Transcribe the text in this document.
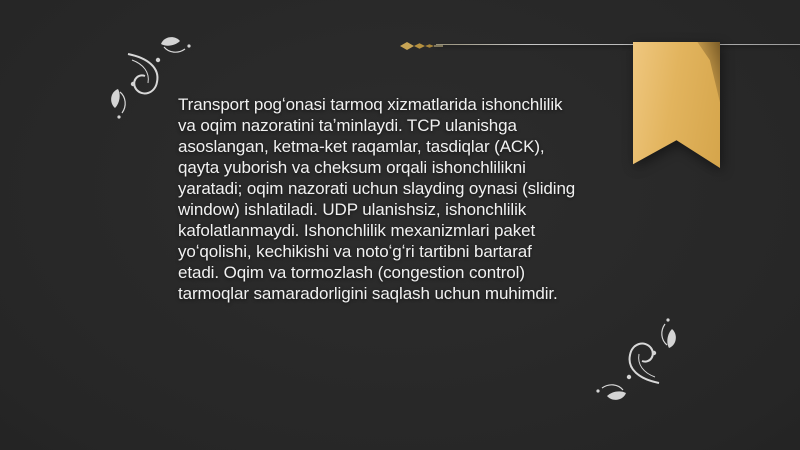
Transport pogʻonasi tarmoq xizmatlarida ishonchlilik
va oqim nazoratini taʼminlaydi. TCP ulanishga
asoslangan, ketma-ket raqamlar, tasdiqlar (ACK),
qayta yuborish va cheksum orqali ishonchlilikni
yaratadi; oqim nazorati uchun slayding oynasi (sliding
window) ishlatiladi. UDP ulanishsiz, ishonchlilik
kafolatlanmaydi. Ishonchlilik mexanizmlari paket
yoʻqolishi, kechikishi va notoʻgʻri tartibni bartaraf
etadi. Oqim va tormozlash (congestion control)
tarmoqlar samaradorligini saqlash uchun muhimdir.
